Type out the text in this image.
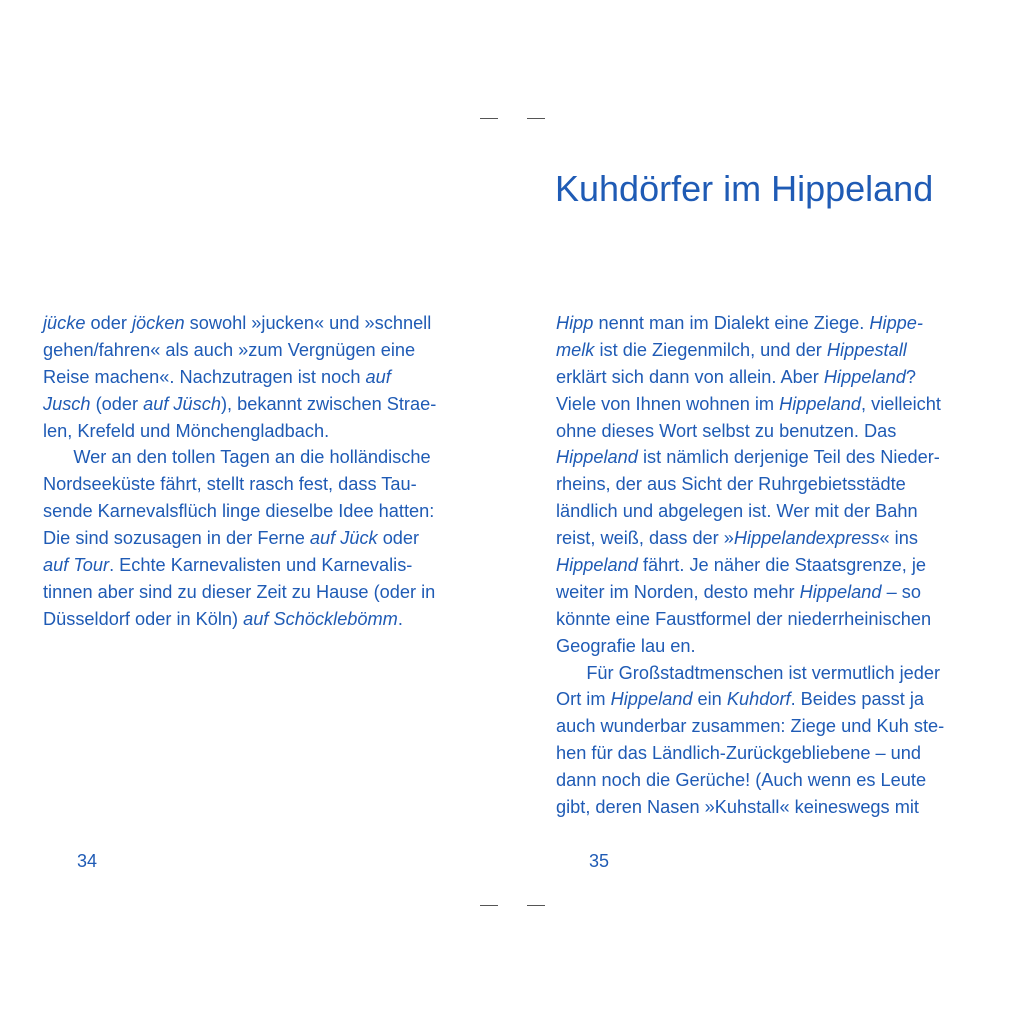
Kuhdörfer im Hippeland
jücke oder jöcken sowohl »jucken« und »schnell
gehen/fahren« als auch »zum Vergnügen eine
Reise machen«. Nachzutragen ist noch auf
Jusch (oder auf Jüsch), bekannt zwischen Strae-
len, Krefeld und Mönchengladbach.
Wer an den tollen Tagen an die holländische
Nordseeküste fährt, stellt rasch fest, dass Tau-
sende Karnevalsflüch linge dieselbe Idee hatten:
Die sind sozusagen in der Ferne auf Jück oder
auf Tour. Echte Karnevalisten und Karnevalis-
tinnen aber sind zu dieser Zeit zu Hause (oder in
Düsseldorf oder in Köln) auf Schöcklebömm.
Hipp nennt man im Dialekt eine Ziege. Hippe-
melk ist die Ziegenmilch, und der Hippestall
erklärt sich dann von allein. Aber Hippeland?
Viele von Ihnen wohnen im Hippeland, vielleicht
ohne dieses Wort selbst zu benutzen. Das
Hippeland ist nämlich derjenige Teil des Nieder-
rheins, der aus Sicht der Ruhrgebietsstädte
ländlich und abgelegen ist. Wer mit der Bahn
reist, weiß, dass der »Hippelandexpress« ins
Hippeland fährt. Je näher die Staatsgrenze, je
weiter im Norden, desto mehr Hippeland – so
könnte eine Faustformel der niederrheinischen
Geografie lau en.
Für Großstadtmenschen ist vermutlich jeder
Ort im Hippeland ein Kuhdorf. Beides passt ja
auch wunderbar zusammen: Ziege und Kuh ste-
hen für das Ländlich-Zurückgebliebene – und
dann noch die Gerüche! (Auch wenn es Leute
gibt, deren Nasen »Kuhstall« keineswegs mit
34	35
